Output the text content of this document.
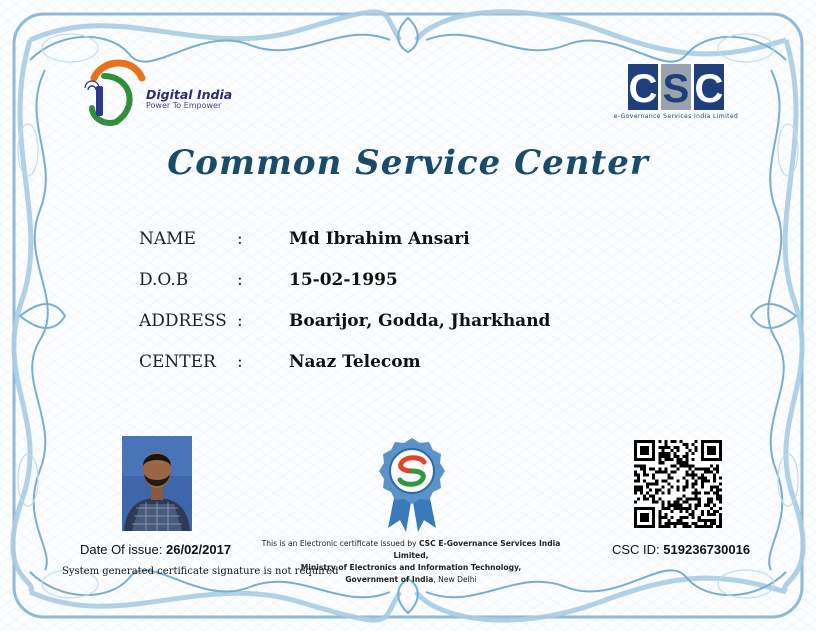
Digital India
Power To Empower	C S C
e-Governance Services India Limited
Common Service Center
NAME :	Md Ibrahim Ansari
D.O.B	:	15-02-1995
ADDRESS :	Boarijor, Godda, Jharkhand
CENTER :	Naaz Telecom
Date Of issue: 26/02/2017
System generated certificate signature is not required
This is an Electronic certificate issued by CSC E-Governance Services India Limited,
Ministry of Electronics and Information Technology,
Government of India, New Delhi
CSC ID: 519236730016
